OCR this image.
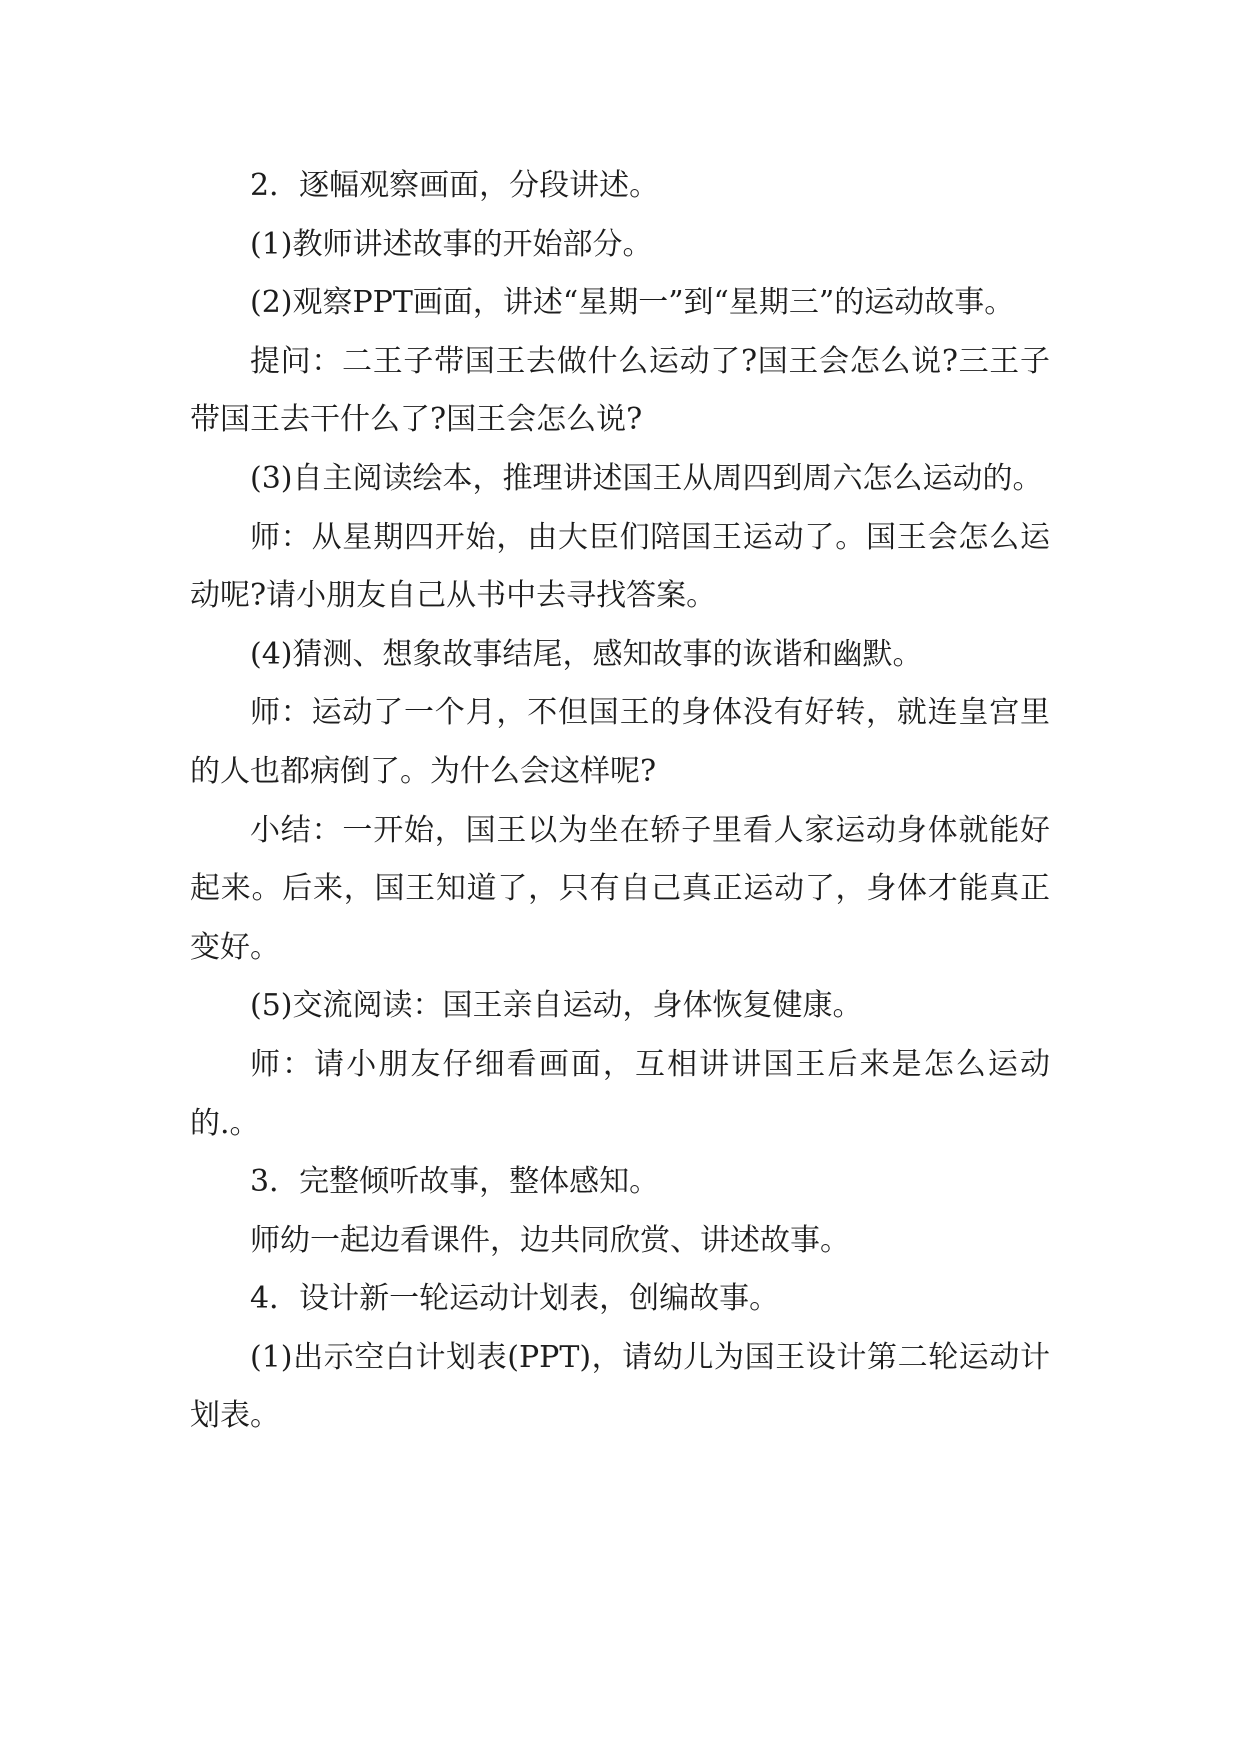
2．逐幅观察画面，分段讲述。

(1)教师讲述故事的开始部分。

(2)观察PPT画面，讲述“星期一”到“星期三”的运动故事。

提问：二王子带国王去做什么运动了?国王会怎么说?三王子带国王去干什么了?国王会怎么说?

(3)自主阅读绘本，推理讲述国王从周四到周六怎么运动的。

师：从星期四开始，由大臣们陪国王运动了。国王会怎么运动呢?请小朋友自己从书中去寻找答案。

(4)猜测、想象故事结尾，感知故事的诙谐和幽默。

师：运动了一个月，不但国王的身体没有好转，就连皇宫里的人也都病倒了。为什么会这样呢?

小结：一开始，国王以为坐在轿子里看人家运动身体就能好起来。后来，国王知道了，只有自己真正运动了，身体才能真正变好。

(5)交流阅读：国王亲自运动，身体恢复健康。

师：请小朋友仔细看画面，互相讲讲国王后来是怎么运动的.。

3．完整倾听故事，整体感知。

师幼一起边看课件，边共同欣赏、讲述故事。

4．设计新一轮运动计划表，创编故事。

(1)出示空白计划表(PPT)，请幼儿为国王设计第二轮运动计划表。
